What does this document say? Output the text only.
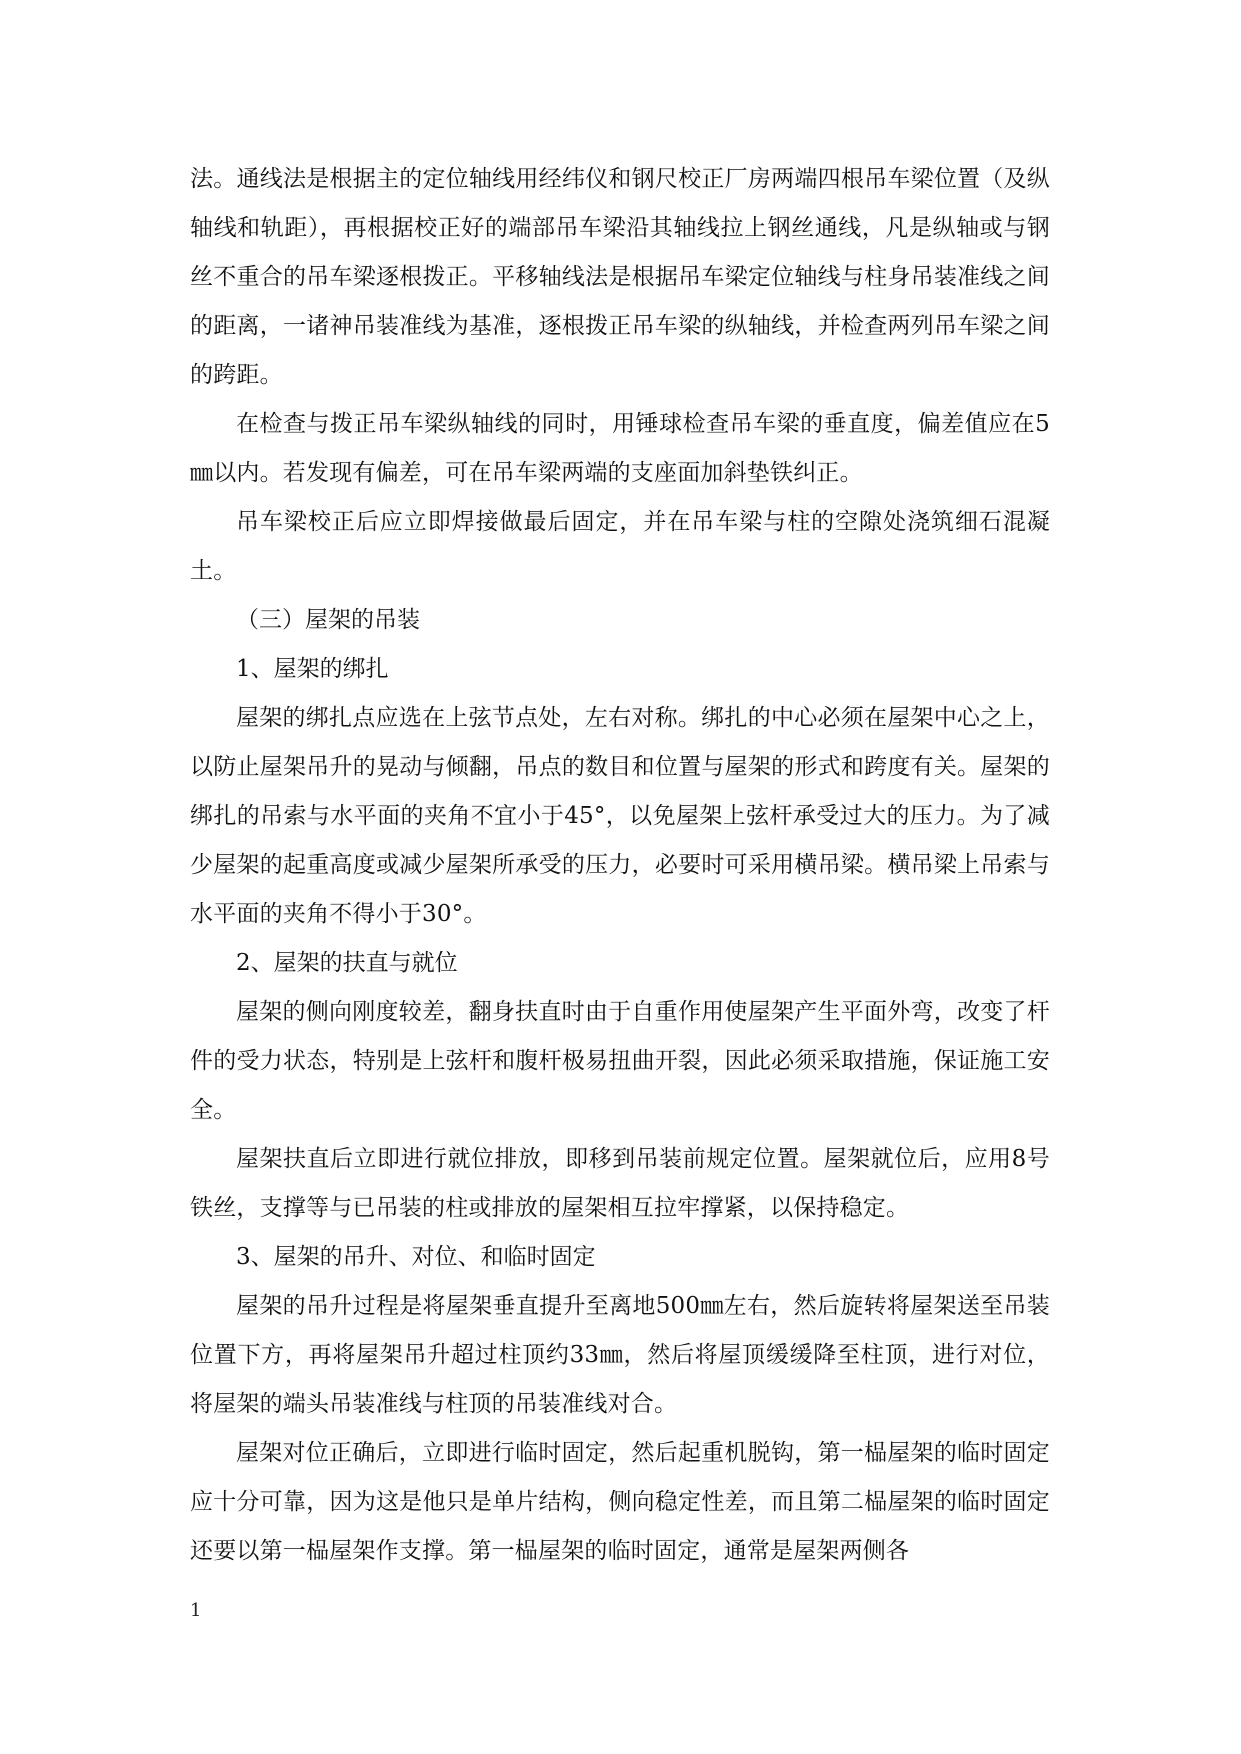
法。通线法是根据主的定位轴线用经纬仪和钢尺校正厂房两端四根吊车梁位置（及纵轴线和轨距），再根据校正好的端部吊车梁沿其轴线拉上钢丝通线，凡是纵轴或与钢丝不重合的吊车梁逐根拨正。平移轴线法是根据吊车梁定位轴线与柱身吊装准线之间的距离，一诸神吊装准线为基准，逐根拨正吊车梁的纵轴线，并检查两列吊车梁之间的跨距。

在检查与拨正吊车梁纵轴线的同时，用锤球检查吊车梁的垂直度，偏差值应在5㎜以内。若发现有偏差，可在吊车梁两端的支座面加斜垫铁纠正。

吊车梁校正后应立即焊接做最后固定，并在吊车梁与柱的空隙处浇筑细石混凝土。

（三）屋架的吊装

1、屋架的绑扎

屋架的绑扎点应选在上弦节点处，左右对称。绑扎的中心必须在屋架中心之上，以防止屋架吊升的晃动与倾翻，吊点的数目和位置与屋架的形式和跨度有关。屋架的绑扎的吊索与水平面的夹角不宜小于45°，以免屋架上弦杆承受过大的压力。为了减少屋架的起重高度或减少屋架所承受的压力，必要时可采用横吊梁。横吊梁上吊索与水平面的夹角不得小于30°。

2、屋架的扶直与就位

屋架的侧向刚度较差，翻身扶直时由于自重作用使屋架产生平面外弯，改变了杆件的受力状态，特别是上弦杆和腹杆极易扭曲开裂，因此必须采取措施，保证施工安全。

屋架扶直后立即进行就位排放，即移到吊装前规定位置。屋架就位后，应用8号铁丝，支撑等与已吊装的柱或排放的屋架相互拉牢撑紧，以保持稳定。

3、屋架的吊升、对位、和临时固定

屋架的吊升过程是将屋架垂直提升至离地500㎜左右，然后旋转将屋架送至吊装位置下方，再将屋架吊升超过柱顶约33㎜，然后将屋顶缓缓降至柱顶，进行对位，将屋架的端头吊装准线与柱顶的吊装准线对合。

屋架对位正确后，立即进行临时固定，然后起重机脱钩，第一榀屋架的临时固定应十分可靠，因为这是他只是单片结构，侧向稳定性差，而且第二榀屋架的临时固定还要以第一榀屋架作支撑。第一榀屋架的临时固定，通常是屋架两侧各

1
